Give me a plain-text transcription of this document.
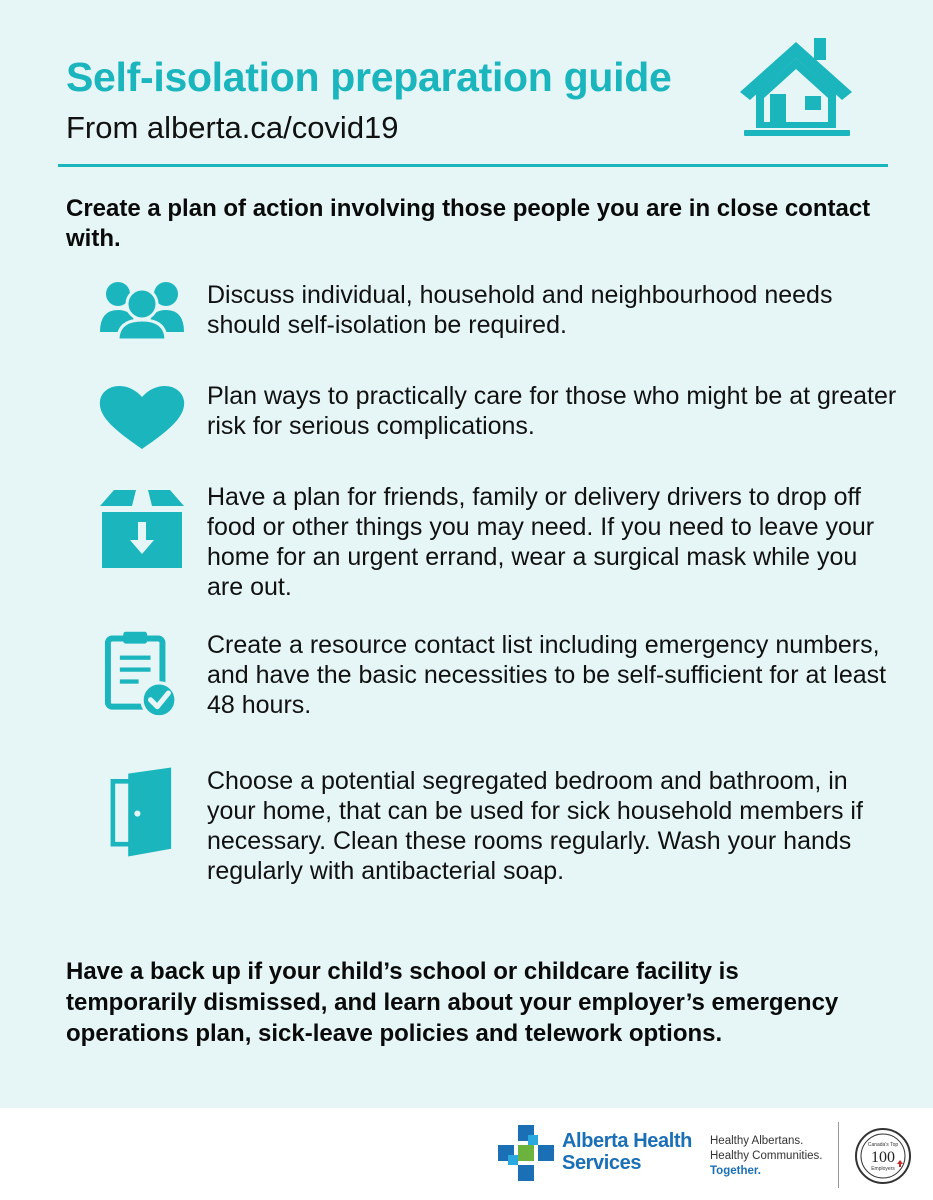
Self-isolation preparation guide
From alberta.ca/covid19
Create a plan of action involving those people you are in close contact with.
Discuss individual, household and neighbourhood needs should self-isolation be required.
Plan ways to practically care for those who might be at greater risk for serious complications.
Have a plan for friends, family or delivery drivers to drop off food or other things you may need. If you need to leave your home for an urgent errand, wear a surgical mask while you are out.
Create a resource contact list including emergency numbers, and have the basic necessities to be self-sufficient for at least 48 hours.
Choose a potential segregated bedroom and bathroom, in your home, that can be used for sick household members if necessary. Clean these rooms regularly. Wash your hands regularly with antibacterial soap.
Have a back up if your child’s school or childcare facility is temporarily dismissed, and learn about your employer’s emergency operations plan, sick-leave policies and telework options.
Alberta Health
Services
Healthy Albertans.
Healthy Communities.
Together.
Canada's Top
100
Employers
